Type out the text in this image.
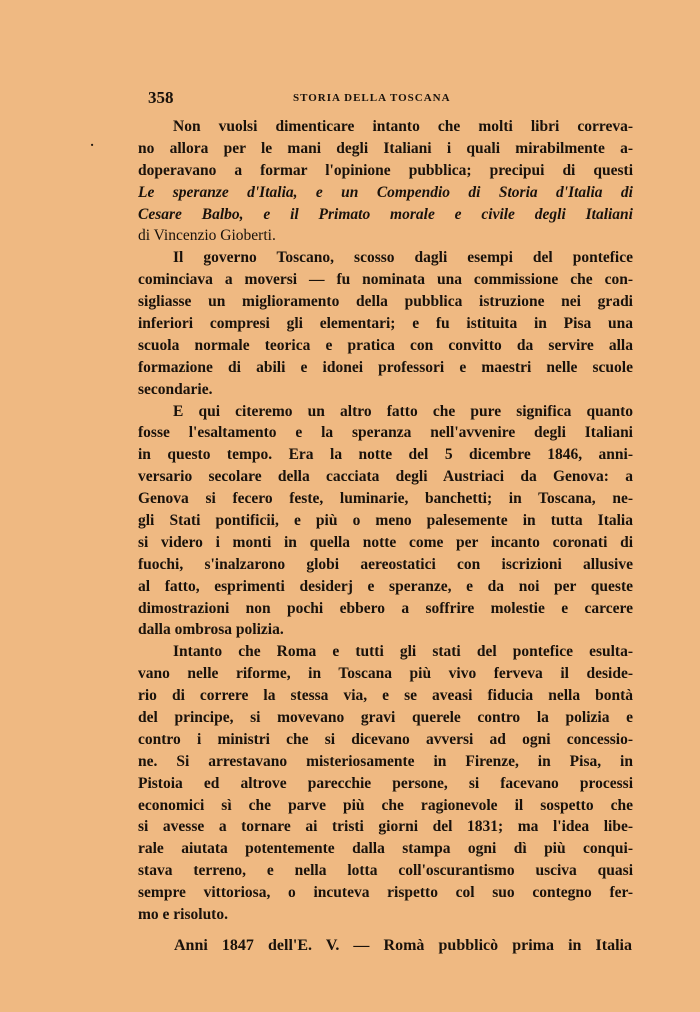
·
358	STORIA DELLA TOSCANA
Non vuolsi dimenticare intanto che molti libri correva-
no allora per le mani degli Italiani i quali mirabilmente a-
doperavano a formar l'opinione pubblica; precipui di questi
Le speranze d'Italia, e un Compendio di Storia d'Italia di
Cesare Balbo, e il Primato morale e civile degli Italiani
di Vincenzio Gioberti.
Il governo Toscano, scosso dagli esempi del pontefice
cominciava a moversi — fu nominata una commissione che con-
sigliasse un miglioramento della pubblica istruzione nei gradi
inferiori compresi gli elementari; e fu istituita in Pisa una
scuola normale teorica e pratica con convitto da servire alla
formazione di abili e idonei professori e maestri nelle scuole
secondarie.
E qui citeremo un altro fatto che pure significa quanto
fosse l'esaltamento e la speranza nell'avvenire degli Italiani
in questo tempo. Era la notte del 5 dicembre 1846, anni-
versario secolare della cacciata degli Austriaci da Genova: a
Genova si fecero feste, luminarie, banchetti; in Toscana, ne-
gli Stati pontificii, e più o meno palesemente in tutta Italia
si videro i monti in quella notte come per incanto coronati di
fuochi, s'inalzarono globi aereostatici con iscrizioni allusive
al fatto, esprimenti desiderj e speranze, e da noi per queste
dimostrazioni non pochi ebbero a soffrire molestie e carcere
dalla ombrosa polizia.
Intanto che Roma e tutti gli stati del pontefice esulta-
vano nelle riforme, in Toscana più vivo ferveva il deside-
rio di correre la stessa via, e se aveasi fiducia nella bontà
del principe, si movevano gravi querele contro la polizia e
contro i ministri che si dicevano avversi ad ogni concessio-
ne. Si arrestavano misteriosamente in Firenze, in Pisa, in
Pistoia ed altrove parecchie persone, si facevano processi
economici sì che parve più che ragionevole il sospetto che
si avesse a tornare ai tristi giorni del 1831; ma l'idea libe-
rale aiutata potentemente dalla stampa ogni dì più conqui-
stava terreno, e nella lotta coll'oscurantismo usciva quasi
sempre vittoriosa, o incuteva rispetto col suo contegno fer-
mo e risoluto.
Anni 1847 dell'E. V. — Romà pubblicò prima in Italia
